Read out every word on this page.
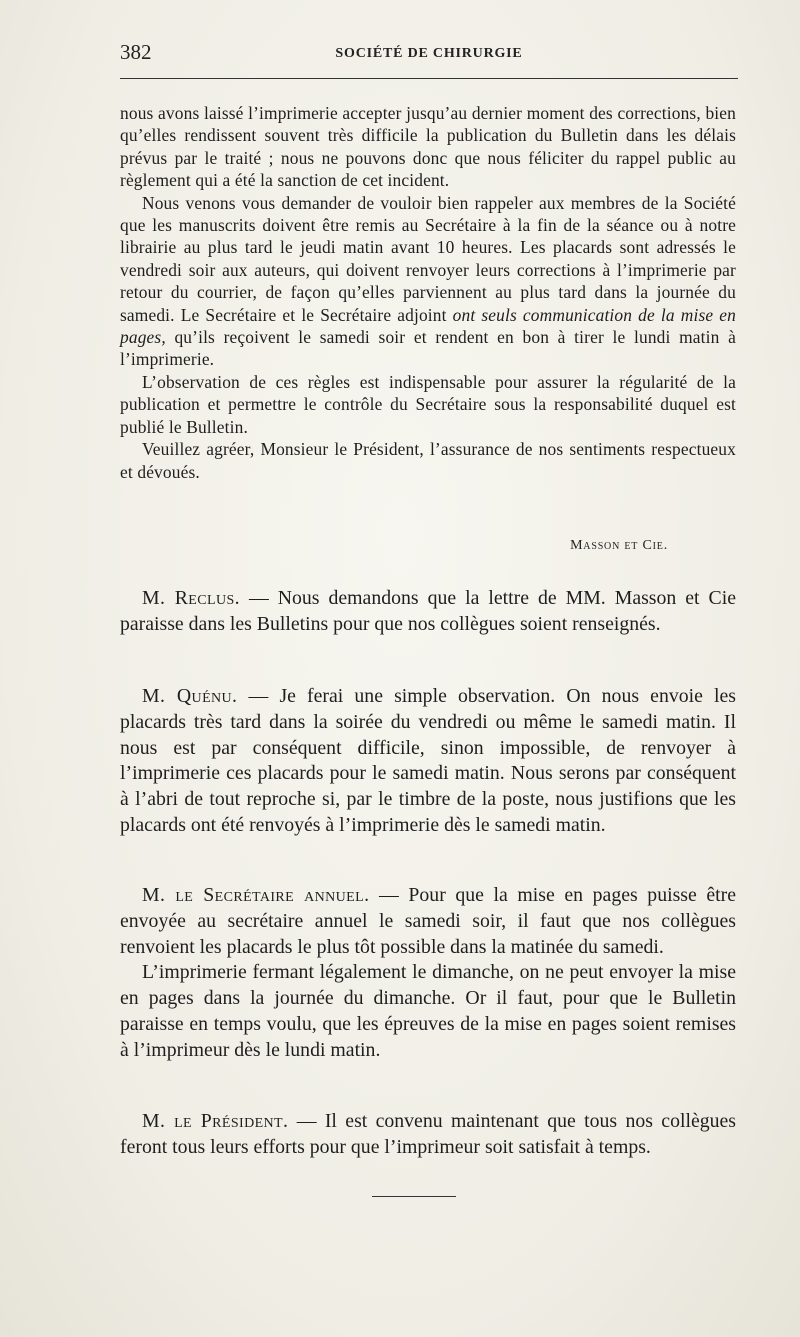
382	SOCIÉTÉ DE CHIRURGIE

nous avons laissé l’imprimerie accepter jusqu’au dernier moment des corrections, bien qu’elles rendissent souvent très difficile la publication du Bulletin dans les délais prévus par le traité ; nous ne pouvons donc que nous féliciter du rappel public au règlement qui a été la sanction de cet incident.

Nous venons vous demander de vouloir bien rappeler aux membres de la Société que les manuscrits doivent être remis au Secrétaire à la fin de la séance ou à notre librairie au plus tard le jeudi matin avant 10 heures. Les placards sont adressés le vendredi soir aux auteurs, qui doivent renvoyer leurs corrections à l’imprimerie par retour du courrier, de façon qu’elles parviennent au plus tard dans la journée du samedi. Le Secrétaire et le Secrétaire adjoint ont seuls communication de la mise en pages, qu’ils reçoivent le samedi soir et rendent en bon à tirer le lundi matin à l’imprimerie.

L’observation de ces règles est indispensable pour assurer la régularité de la publication et permettre le contrôle du Secrétaire sous la responsabilité duquel est publié le Bulletin.

Veuillez agréer, Monsieur le Président, l’assurance de nos sentiments respectueux et dévoués.

Masson et Cie.

M. Reclus. — Nous demandons que la lettre de MM. Masson et Cie paraisse dans les Bulletins pour que nos collègues soient renseignés.

M. Quénu. — Je ferai une simple observation. On nous envoie les placards très tard dans la soirée du vendredi ou même le samedi matin. Il nous est par conséquent difficile, sinon impossible, de renvoyer à l’imprimerie ces placards pour le samedi matin. Nous serons par conséquent à l’abri de tout reproche si, par le timbre de la poste, nous justifions que les placards ont été renvoyés à l’imprimerie dès le samedi matin.

M. le Secrétaire annuel. — Pour que la mise en pages puisse être envoyée au secrétaire annuel le samedi soir, il faut que nos collègues renvoient les placards le plus tôt possible dans la matinée du samedi.

L’imprimerie fermant légalement le dimanche, on ne peut envoyer la mise en pages dans la journée du dimanche. Or il faut, pour que le Bulletin paraisse en temps voulu, que les épreuves de la mise en pages soient remises à l’imprimeur dès le lundi matin.

M. le Président. — Il est convenu maintenant que tous nos collègues feront tous leurs efforts pour que l’imprimeur soit satisfait à temps.
